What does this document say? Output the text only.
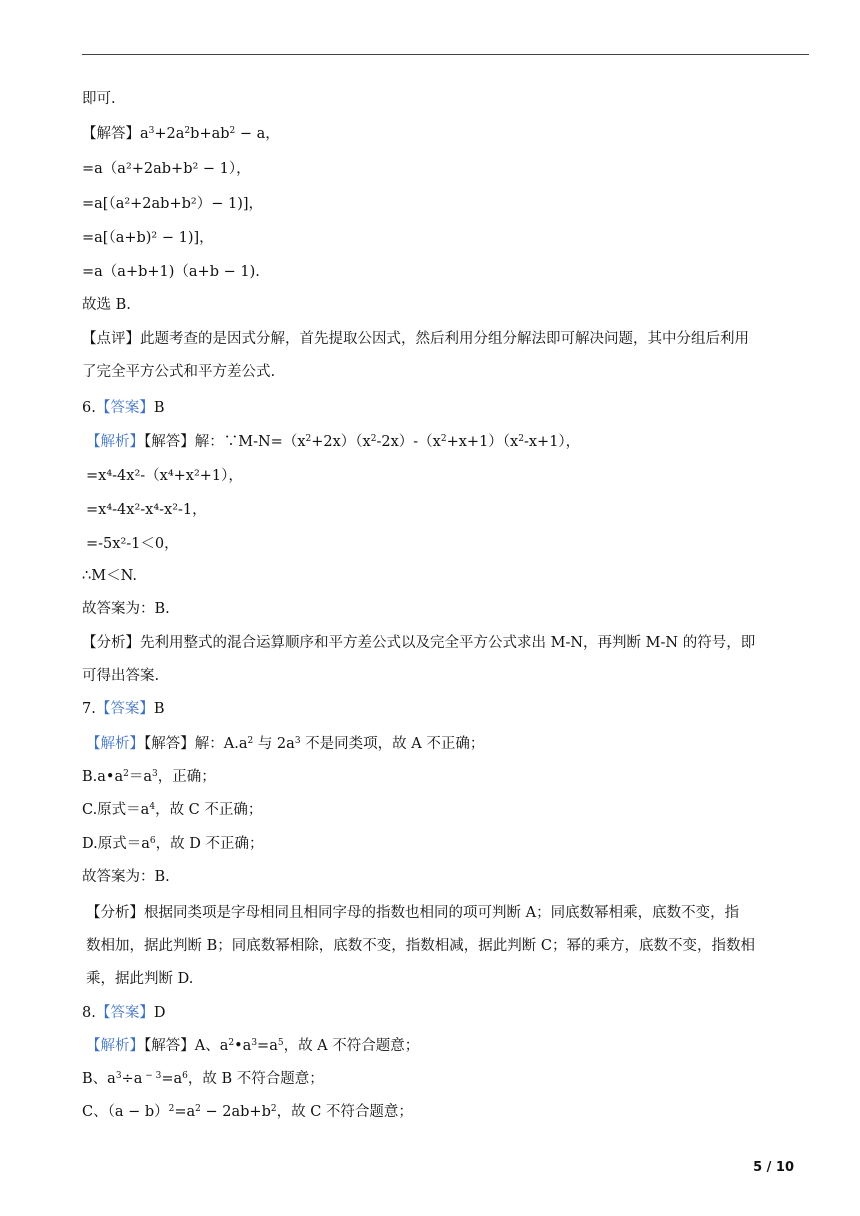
即可.
【解答】$a^3+2a^2b+ab^2 - a$，
=a（a²+2ab+b² − 1），
=a[（a²+2ab+b²）− 1)]，
=a[（a+b)² − 1)]，
=a（a+b+1)（a+b − 1).
故选 B.
【点评】此题考查的是因式分解，首先提取公因式，然后利用分组分解法即可解决问题，其中分组后利用
了完全平方公式和平方差公式.
6.【答案】B
【解析】【解答】解：$\because M-N=(x^2+2x)(x^2-2x)-(x^2+x+1)(x^2-x+1)$，
=x⁴-4x²-（x⁴+x²+1），
=x⁴-4x²-x⁴-x²-1，
=-5x²-1＜0，
∴M＜N.
故答案为：B.
【分析】先利用整式的混合运算顺序和平方差公式以及完全平方公式求出 M-N，再判断 M-N 的符号，即
可得出答案.
7.【答案】B
【解析】【解答】解：$A.a^2$ 与 $2a^3$ 不是同类项，故 A 不正确；
$B.a•a^2=a^3$，正确；
C.原式$=a^4$，故 C 不正确；
D.原式$=a^6$，故 D 不正确；
故答案为：B.
【分析】根据同类项是字母相同且相同字母的指数也相同的项可判断 A；同底数幂相乘，底数不变，指
数相加，据此判断 B；同底数幂相除，底数不变，指数相减，据此判断 C；幂的乘方，底数不变，指数相
乘，据此判断 D.
8.【答案】D
【解析】【解答】A、$a^2•a^3=a^5$，故 A 不符合题意；
B、$a^3\div a$ $^{- 3}=a^6$，故 B 不符合题意；
C、$(a - b)^2=a^2 - 2ab+b^2$，故 C 不符合题意；
5 / 10
